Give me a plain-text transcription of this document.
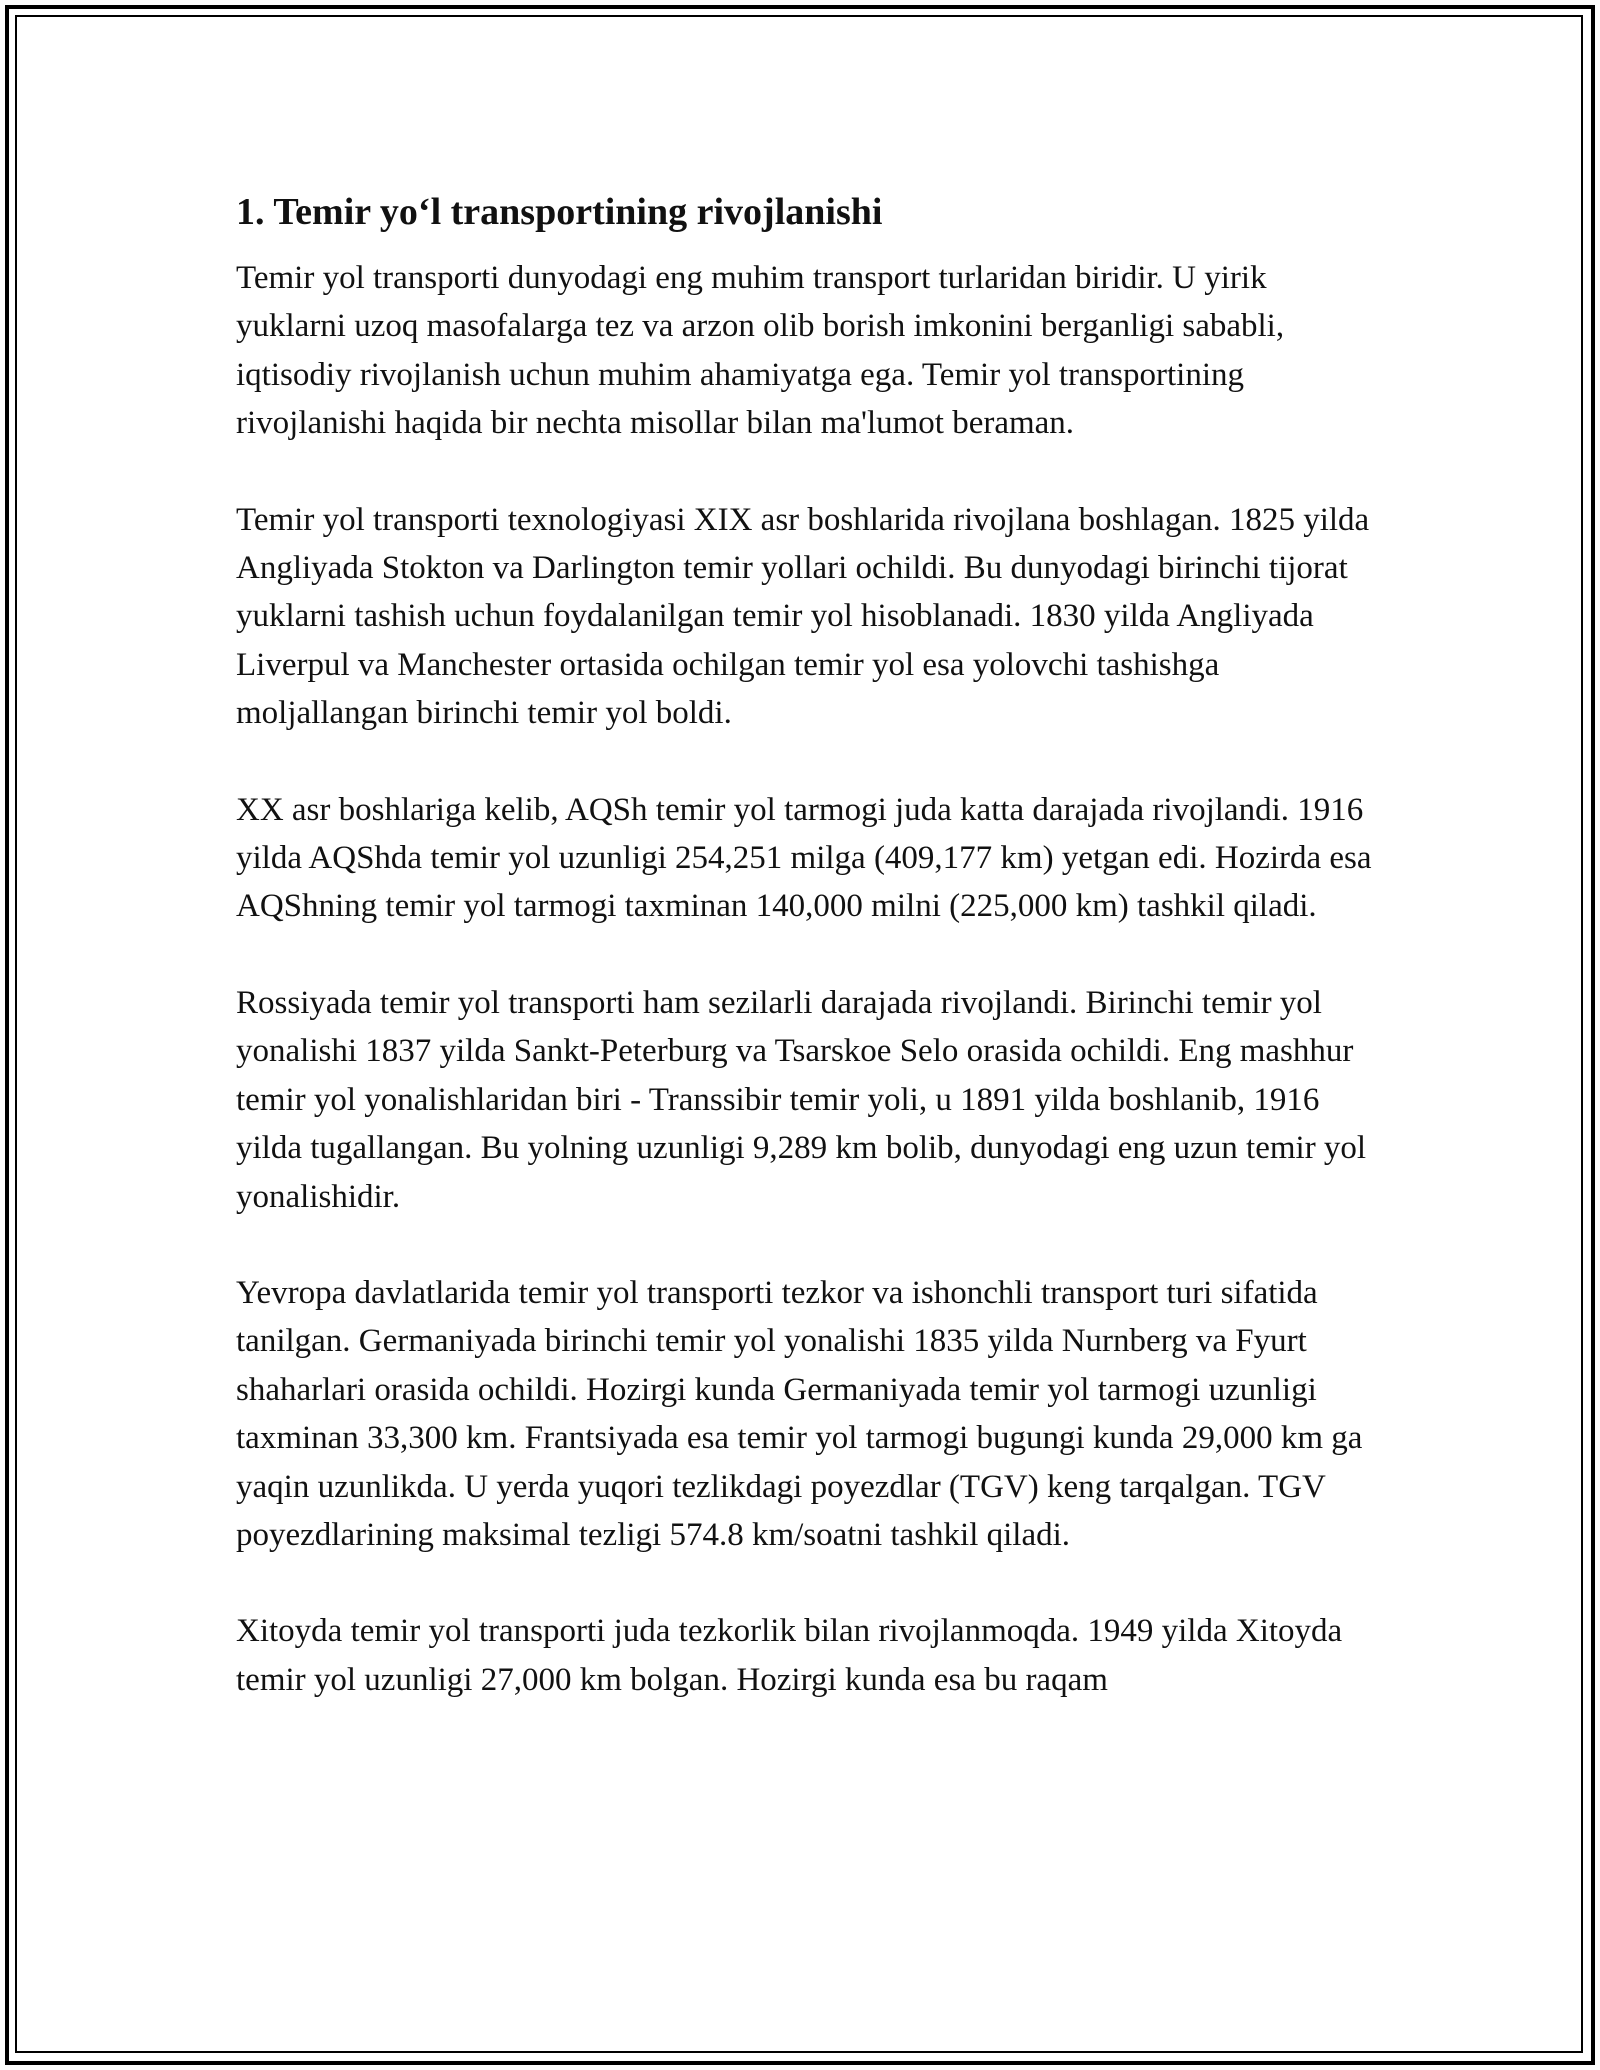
1. Temir yo‘l transportining rivojlanishi

Temir yol transporti dunyodagi eng muhim transport turlaridan biridir. U yirik yuklarni uzoq masofalarga tez va arzon olib borish imkonini berganligi sababli, iqtisodiy rivojlanish uchun muhim ahamiyatga ega. Temir yol transportining rivojlanishi haqida bir nechta misollar bilan ma'lumot beraman.

Temir yol transporti texnologiyasi XIX asr boshlarida rivojlana boshlagan. 1825 yilda Angliyada Stokton va Darlington temir yollari ochildi. Bu dunyodagi birinchi tijorat yuklarni tashish uchun foydalanilgan temir yol hisoblanadi. 1830 yilda Angliyada Liverpul va Manchester ortasida ochilgan temir yol esa yolovchi tashishga moljallangan birinchi temir yol boldi.

XX asr boshlariga kelib, AQSh temir yol tarmogi juda katta darajada rivojlandi. 1916 yilda AQShda temir yol uzunligi 254,251 milga (409,177 km) yetgan edi. Hozirda esa AQShning temir yol tarmogi taxminan 140,000 milni (225,000 km) tashkil qiladi.

Rossiyada temir yol transporti ham sezilarli darajada rivojlandi. Birinchi temir yol yonalishi 1837 yilda Sankt-Peterburg va Tsarskoe Selo orasida ochildi. Eng mashhur temir yol yonalishlaridan biri - Transsibir temir yoli, u 1891 yilda boshlanib, 1916 yilda tugallangan. Bu yolning uzunligi 9,289 km bolib, dunyodagi eng uzun temir yol yonalishidir.

Yevropa davlatlarida temir yol transporti tezkor va ishonchli transport turi sifatida tanilgan. Germaniyada birinchi temir yol yonalishi 1835 yilda Nurnberg va Fyurt shaharlari orasida ochildi. Hozirgi kunda Germaniyada temir yol tarmogi uzunligi taxminan 33,300 km. Frantsiyada esa temir yol tarmogi bugungi kunda 29,000 km ga yaqin uzunlikda. U yerda yuqori tezlikdagi poyezdlar (TGV) keng tarqalgan. TGV poyezdlarining maksimal tezligi 574.8 km/soatni tashkil qiladi.

Xitoyda temir yol transporti juda tezkorlik bilan rivojlanmoqda. 1949 yilda Xitoyda temir yol uzunligi 27,000 km bolgan. Hozirgi kunda esa bu raqam
